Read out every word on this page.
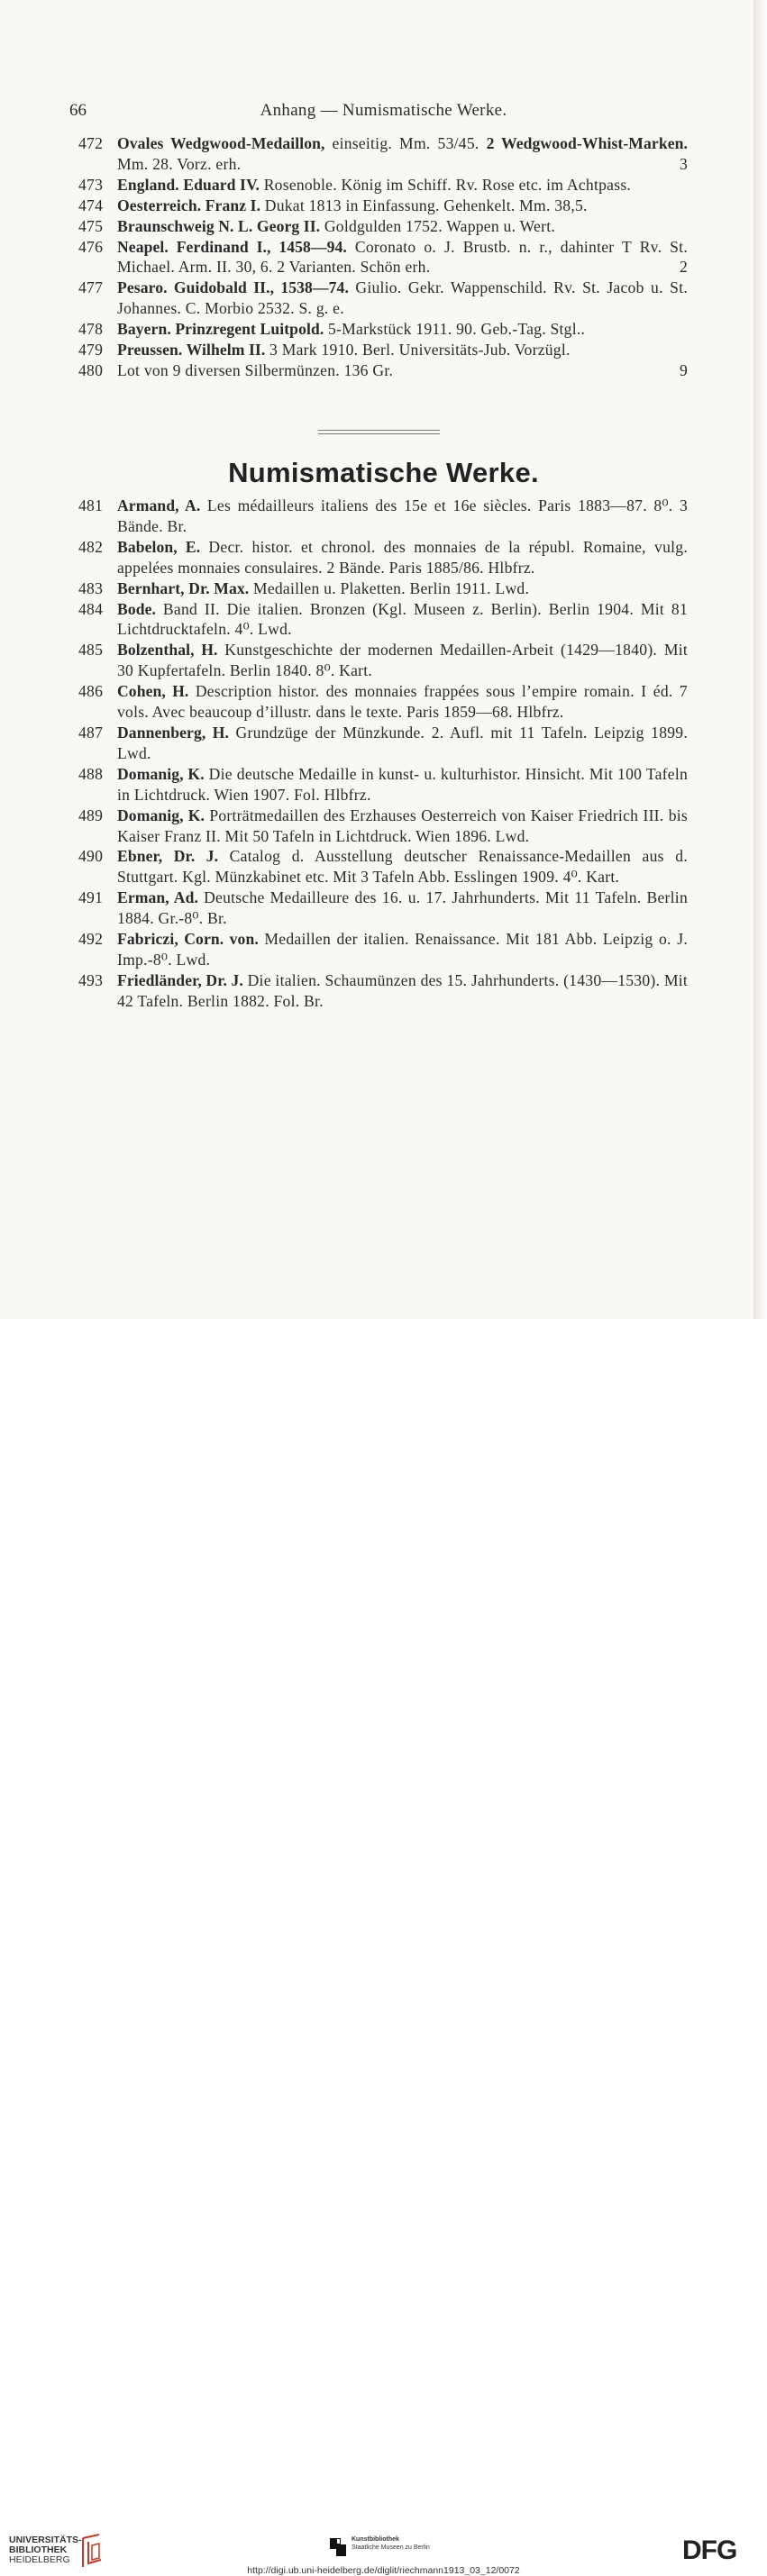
66	Anhang — Numismatische Werke.
472 Ovales Wedgwood-Medaillon, einseitig. Mm. 53/45. 2 Wedgwood-Whist-Marken. Mm. 28. Vorz. erh.	3
473 England. Eduard IV. Rosenoble. König im Schiff. Rv. Rose etc. im Achtpass.
474 Oesterreich. Franz I. Dukat 1813 in Einfassung. Gehenkelt. Mm. 38,5.
475 Braunschweig N. L. Georg II. Goldgulden 1752. Wappen u. Wert.
476 Neapel. Ferdinand I., 1458—94. Coronato o. J. Brustb. n. r., dahinter T Rv. St. Michael. Arm. II. 30, 6. 2 Varianten. Schön erh.	2
477 Pesaro. Guidobald II., 1538—74. Giulio. Gekr. Wappenschild. Rv. St. Jacob u. St. Johannes. C. Morbio 2532. S. g. e.
478 Bayern. Prinzregent Luitpold. 5-Markstück 1911. 90. Geb.-Tag. Stgl..
479 Preussen. Wilhelm II. 3 Mark 1910. Berl. Universitäts-Jub. Vorzügl.
480 Lot von 9 diversen Silbermünzen. 136 Gr.	9
Numismatische Werke.
481 Armand, A. Les médailleurs italiens des 15e et 16e siècles. Paris 1883—87. 8⁰. 3 Bände. Br.
482 Babelon, E. Decr. histor. et chronol. des monnaies de la républ. Romaine, vulg. appelées monnaies consulaires. 2 Bände. Paris 1885/86. Hlbfrz.
483 Bernhart, Dr. Max. Medaillen u. Plaketten. Berlin 1911. Lwd.
484 Bode. Band II. Die italien. Bronzen (Kgl. Museen z. Berlin). Berlin 1904. Mit 81 Lichtdrucktafeln. 4⁰. Lwd.
485 Bolzenthal, H. Kunstgeschichte der modernen Medaillen-Arbeit (1429—1840). Mit 30 Kupfertafeln. Berlin 1840. 8⁰. Kart.
486 Cohen, H. Description histor. des monnaies frappées sous l’empire romain. I éd. 7 vols. Avec beaucoup d’illustr. dans le texte. Paris 1859—68. Hlbfrz.
487 Dannenberg, H. Grundzüge der Münzkunde. 2. Aufl. mit 11 Tafeln. Leipzig 1899. Lwd.
488 Domanig, K. Die deutsche Medaille in kunst- u. kulturhistor. Hinsicht. Mit 100 Tafeln in Lichtdruck. Wien 1907. Fol. Hlbfrz.
489 Domanig, K. Porträtmedaillen des Erzhauses Oesterreich von Kaiser Friedrich III. bis Kaiser Franz II. Mit 50 Tafeln in Lichtdruck. Wien 1896. Lwd.
490 Ebner, Dr. J. Catalog d. Ausstellung deutscher Renaissance-Medaillen aus d. Stuttgart. Kgl. Münzkabinet etc. Mit 3 Tafeln Abb. Esslingen 1909. 4⁰. Kart.
491 Erman, Ad. Deutsche Medailleure des 16. u. 17. Jahrhunderts. Mit 11 Tafeln. Berlin 1884. Gr.-8⁰. Br.
492 Fabriczi, Corn. von. Medaillen der italien. Renaissance. Mit 181 Abb. Leipzig o. J. Imp.-8⁰. Lwd.
493 Friedländer, Dr. J. Die italien. Schaumünzen des 15. Jahrhunderts. (1430—1530). Mit 42 Tafeln. Berlin 1882. Fol. Br.
UNIVERSITÄTS-
BIBLIOTHEK
HEIDELBERG
Kunstbibliothek
Staatliche Museen zu Berlin	DFG
http://digi.ub.uni-heidelberg.de/diglit/riechmann1913_03_12/0072
